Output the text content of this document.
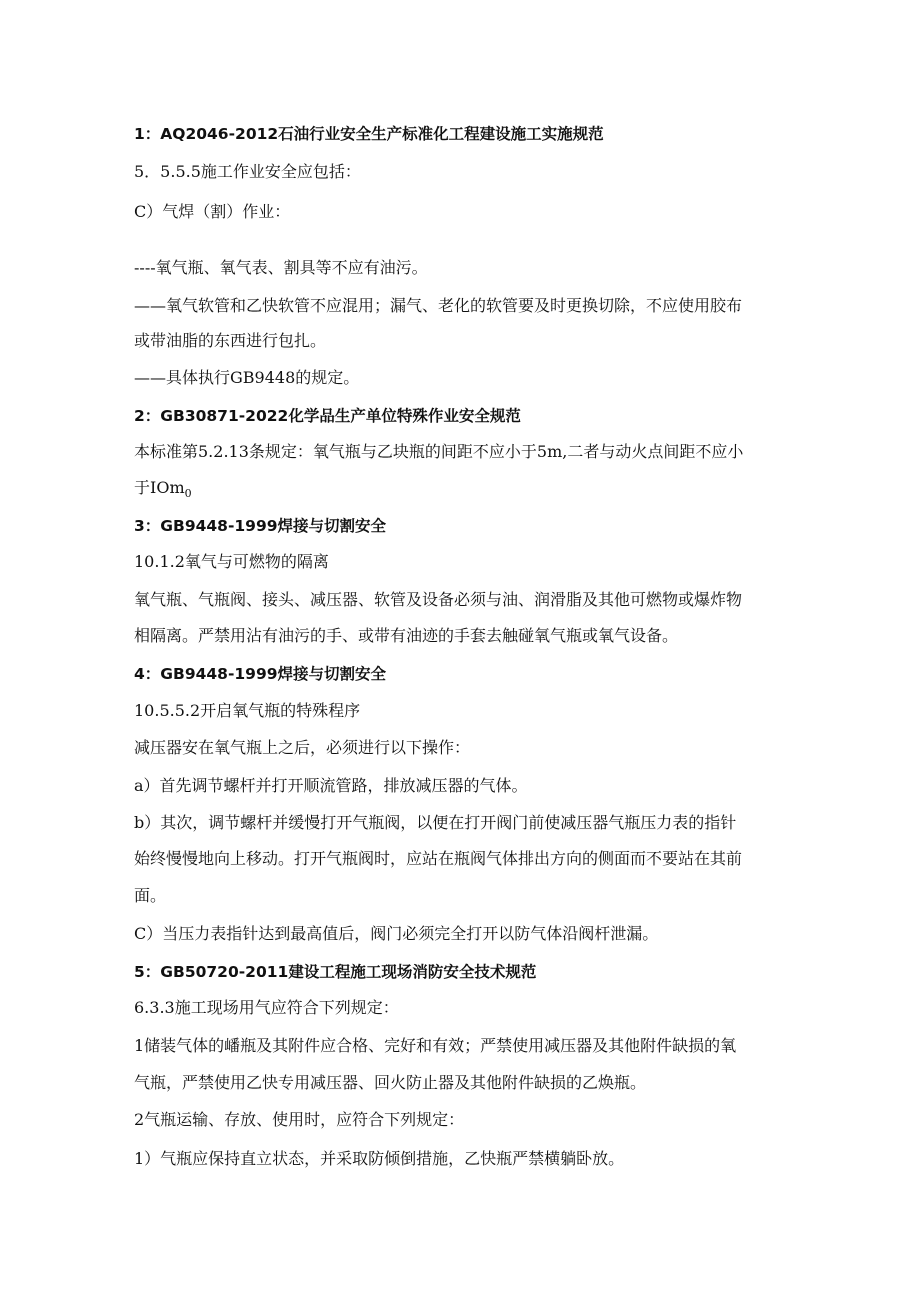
1：AQ2046-2012石油行业安全生产标准化工程建设施工实施规范
5．5.5.5施工作业安全应包括：
C）气焊（割）作业：
----氧气瓶、氧气表、割具等不应有油污。
——氧气软管和乙快软管不应混用；漏气、老化的软管要及时更换切除，不应使用胶布
或带油脂的东西进行包扎。
——具体执行GB9448的规定。
2：GB30871-2022化学品生产单位特殊作业安全规范
本标准第5.2.13条规定：氧气瓶与乙块瓶的间距不应小于5m,二者与动火点间距不应小
于IOm$_0$
3：GB9448-1999焊接与切割安全
10.1.2氧气与可燃物的隔离
氧气瓶、气瓶阀、接头、减压器、软管及设备必须与油、润滑脂及其他可燃物或爆炸物
相隔离。严禁用沾有油污的手、或带有油迹的手套去触碰氧气瓶或氧气设备。
4：GB9448-1999焊接与切割安全
10.5.5.2开启氧气瓶的特殊程序
减压器安在氧气瓶上之后，必须进行以下操作：
a）首先调节螺杆并打开顺流管路，排放减压器的气体。
b）其次，调节螺杆并缓慢打开气瓶阀，以便在打开阀门前使减压器气瓶压力表的指针
始终慢慢地向上移动。打开气瓶阀时，应站在瓶阀气体排出方向的侧面而不要站在其前
面。
C）当压力表指针达到最高值后，阀门必须完全打开以防气体沿阀杆泄漏。
5：GB50720-2011建设工程施工现场消防安全技术规范
6.3.3施工现场用气应符合下列规定：
1储装气体的嶓瓶及其附件应合格、完好和有效；严禁使用减压器及其他附件缺损的氧
气瓶，严禁使用乙快专用减压器、回火防止器及其他附件缺损的乙焕瓶。
2气瓶运输、存放、使用时，应符合下列规定：
1）气瓶应保持直立状态，并采取防倾倒措施，乙快瓶严禁横躺卧放。
